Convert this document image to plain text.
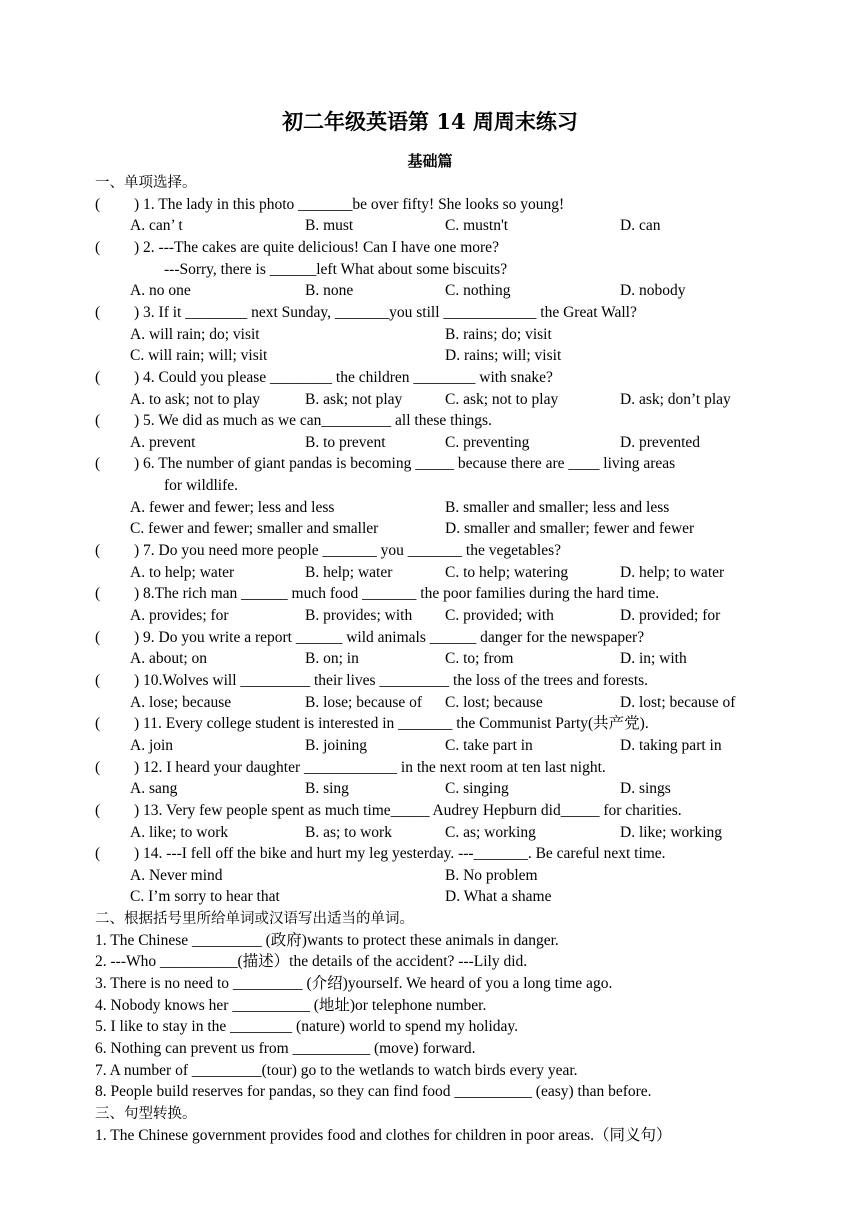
初二年级英语第 14 周周末练习
基础篇
一、单项选择。
( ) 1. The lady in this photo _______be over fifty! She looks so young!
A. can’ t	B. must	C. mustn't	D. can
( ) 2. ---The cakes are quite delicious! Can I have one more?
---Sorry, there is ______left What about some biscuits?
A. no one	B. none	C. nothing	D. nobody
( ) 3. If it ________ next Sunday, _______you still ____________ the Great Wall?
A. will rain; do; visit	B. rains; do; visit
C. will rain; will; visit	D. rains; will; visit
( ) 4. Could you please ________ the children ________ with snake?
A. to ask; not to play	B. ask; not play	C. ask; not to play	D. ask; don’t play
( ) 5. We did as much as we can_________ all these things.
A. prevent	B. to prevent	C. preventing	D. prevented
( ) 6. The number of giant pandas is becoming _____ because there are ____ living areas
for wildlife.
A. fewer and fewer; less and less	B. smaller and smaller; less and less
C. fewer and fewer; smaller and smaller	D. smaller and smaller; fewer and fewer
( ) 7. Do you need more people _______ you _______ the vegetables?
A. to help; water	B. help; water	C. to help; watering	D. help; to water
( ) 8.The rich man ______ much food _______ the poor families during the hard time.
A. provides; for	B. provides; with C. provided; with	D. provided; for
( ) 9. Do you write a report ______ wild animals ______ danger for the newspaper?
A. about; on	B. on; in	C. to; from	D. in; with
( ) 10.Wolves will _________ their lives _________ the loss of the trees and forests.
A. lose; because	B. lose; because of C. lost; because	D. lost; because of
( ) 11. Every college student is interested in _______ the Communist Party(共产党).
A. join	B. joining	C. take part in	D. taking part in
( ) 12. I heard your daughter ____________ in the next room at ten last night.
A. sang	B. sing	C. singing	D. sings
( ) 13. Very few people spent as much time_____ Audrey Hepburn did_____ for charities.
A. like; to work	B. as; to work	C. as; working	D. like; working
( ) 14. ---I fell off the bike and hurt my leg yesterday. ---_______. Be careful next time.
A. Never mind	B. No problem
C. I’m sorry to hear that	D. What a shame
二、根据括号里所给单词或汉语写出适当的单词。
1. The Chinese _________ (政府)wants to protect these animals in danger.
2. ---Who __________(描述）the details of the accident? ---Lily did.
3. There is no need to _________ (介绍)yourself. We heard of you a long time ago.
4. Nobody knows her __________ (地址)or telephone number.
5. I like to stay in the ________ (nature) world to spend my holiday.
6. Nothing can prevent us from __________ (move) forward.
7. A number of _________(tour) go to the wetlands to watch birds every year.
8. People build reserves for pandas, so they can find food __________ (easy) than before.
三、句型转换。
1. The Chinese government provides food and clothes for children in poor areas.（同义句）
